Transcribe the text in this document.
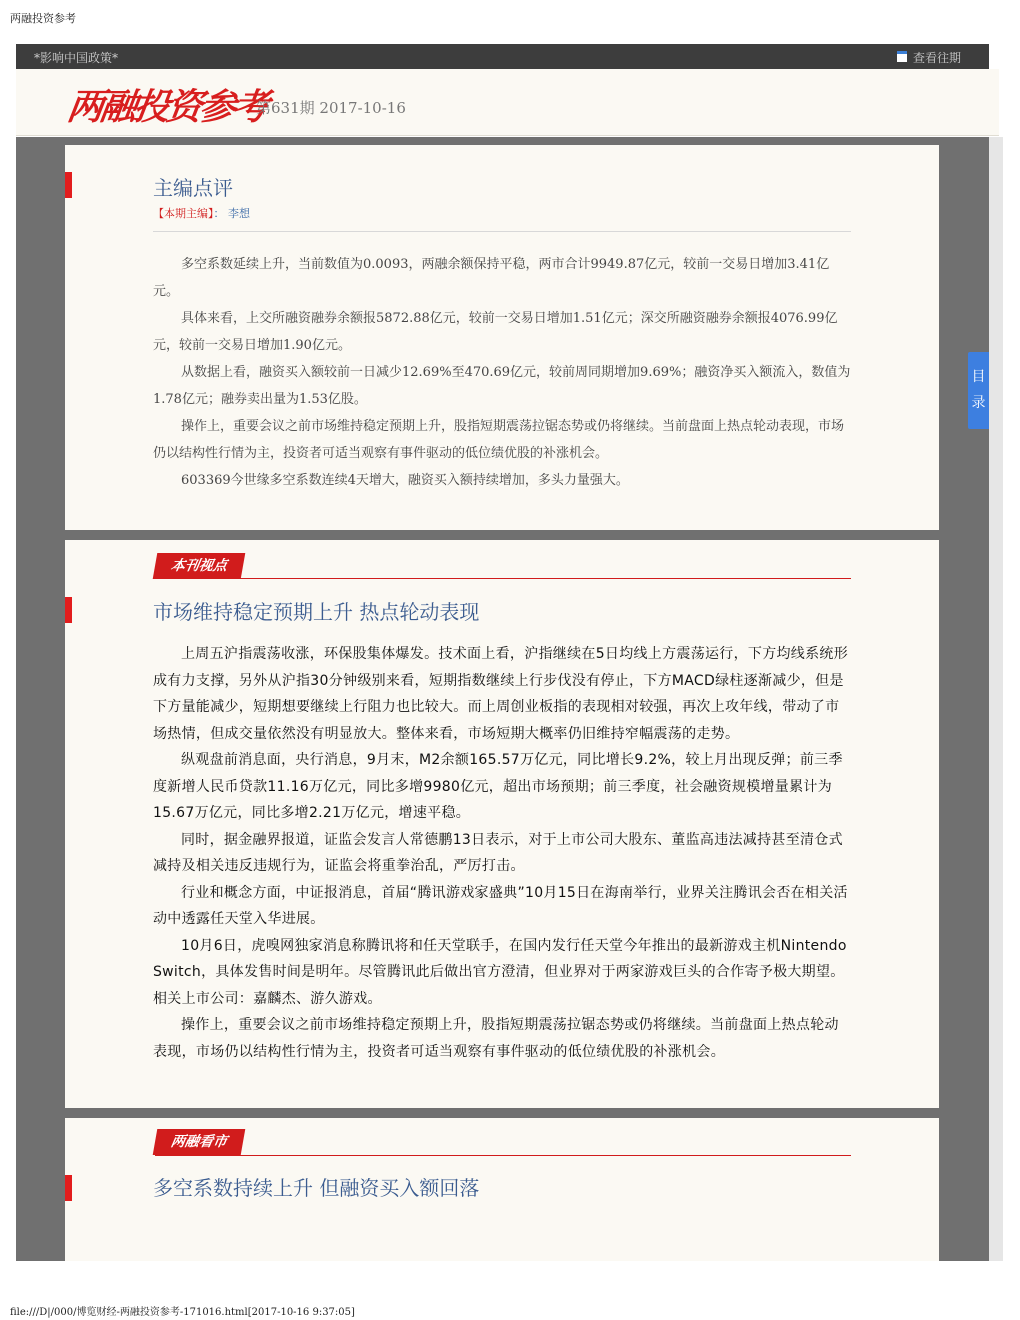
两融投资参考
*影响中国政策*	查看往期
两融投资参考
第631期 2017-10-16
主编点评
【本期主编】： 李想

多空系数延续上升，当前数值为0.0093，两融余额保持平稳，两市合计9949.87亿元，较前一交易日增加3.41亿元。

具体来看，上交所融资融券余额报5872.88亿元，较前一交易日增加1.51亿元；深交所融资融券余额报4076.99亿元，较前一交易日增加1.90亿元。

从数据上看，融资买入额较前一日减少12.69%至470.69亿元，较前周同期增加9.69%；融资净买入额流入，数值为1.78亿元；融券卖出量为1.53亿股。

操作上，重要会议之前市场维持稳定预期上升，股指短期震荡拉锯态势或仍将继续。当前盘面上热点轮动表现，市场仍以结构性行情为主，投资者可适当观察有事件驱动的低位绩优股的补涨机会。

603369今世缘多空系数连续4天增大，融资买入额持续增加，多头力量强大。

本刊视点
市场维持稳定预期上升 热点轮动表现

上周五沪指震荡收涨，环保股集体爆发。技术面上看，沪指继续在5日均线上方震荡运行，下方均线系统形成有力支撑，另外从沪指30分钟级别来看，短期指数继续上行步伐没有停止，下方MACD绿柱逐渐减少，但是下方量能减少，短期想要继续上行阻力也比较大。而上周创业板指的表现相对较强，再次上攻年线，带动了市场热情，但成交量依然没有明显放大。整体来看，市场短期大概率仍旧维持窄幅震荡的走势。

纵观盘前消息面，央行消息，9月末，M2余额165.57万亿元，同比增长9.2%，较上月出现反弹；前三季度新增人民币贷款11.16万亿元，同比多增9980亿元，超出市场预期；前三季度，社会融资规模增量累计为15.67万亿元，同比多增2.21万亿元，增速平稳。

同时，据金融界报道，证监会发言人常德鹏13日表示，对于上市公司大股东、董监高违法减持甚至清仓式减持及相关违反违规行为，证监会将重拳治乱，严厉打击。

行业和概念方面，中证报消息，首届“腾讯游戏家盛典”10月15日在海南举行，业界关注腾讯会否在相关活动中透露任天堂入华进展。

10月6日，虎嗅网独家消息称腾讯将和任天堂联手，在国内发行任天堂今年推出的最新游戏主机Nintendo Switch，具体发售时间是明年。尽管腾讯此后做出官方澄清，但业界对于两家游戏巨头的合作寄予极大期望。相关上市公司：嘉麟杰、游久游戏。

操作上，重要会议之前市场维持稳定预期上升，股指短期震荡拉锯态势或仍将继续。当前盘面上热点轮动表现，市场仍以结构性行情为主，投资者可适当观察有事件驱动的低位绩优股的补涨机会。

两融看市
多空系数持续上升 但融资买入额回落
目
录
file:///D|/000/博览财经-两融投资参考-171016.html[2017-10-16 9:37:05]
